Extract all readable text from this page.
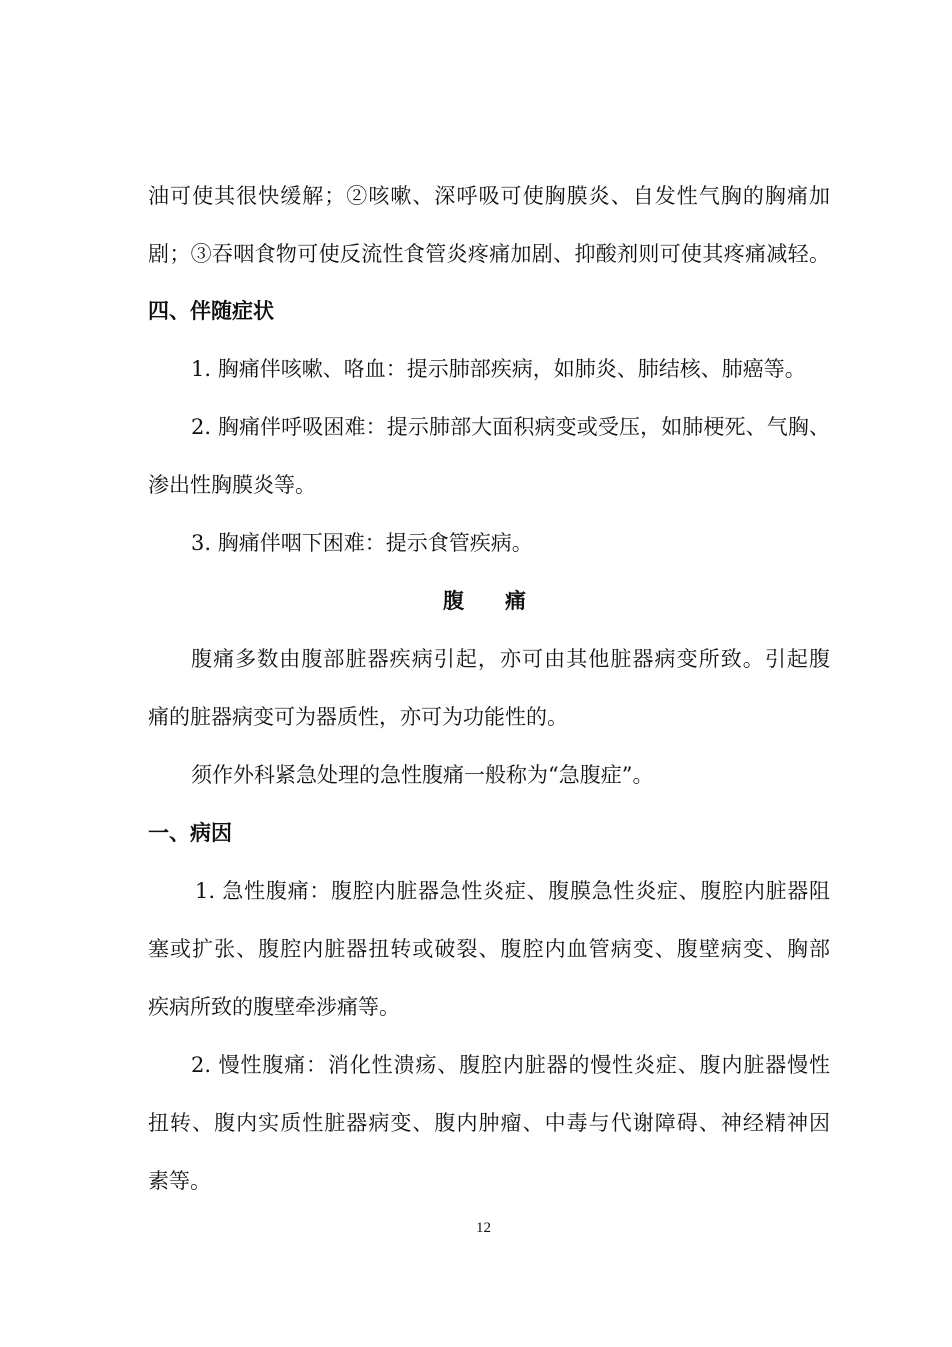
油可使其很快缓解；②咳嗽、深呼吸可使胸膜炎、自发性气胸的胸痛加
剧；③吞咽食物可使反流性食管炎疼痛加剧、抑酸剂则可使其疼痛减轻。
四、伴随症状
1. 胸痛伴咳嗽、咯血：提示肺部疾病，如肺炎、肺结核、肺癌等。
2. 胸痛伴呼吸困难：提示肺部大面积病变或受压，如肺梗死、气胸、
渗出性胸膜炎等。
3. 胸痛伴咽下困难：提示食管疾病。
腹 痛
腹痛多数由腹部脏器疾病引起，亦可由其他脏器病变所致。引起腹
痛的脏器病变可为器质性，亦可为功能性的。
须作外科紧急处理的急性腹痛一般称为“急腹症”。
一、病因
1. 急性腹痛：腹腔内脏器急性炎症、腹膜急性炎症、腹腔内脏器阻
塞或扩张、腹腔内脏器扭转或破裂、腹腔内血管病变、腹壁病变、胸部
疾病所致的腹壁牵涉痛等。
2. 慢性腹痛：消化性溃疡、腹腔内脏器的慢性炎症、腹内脏器慢性
扭转、腹内实质性脏器病变、腹内肿瘤、中毒与代谢障碍、神经精神因
素等。
12
